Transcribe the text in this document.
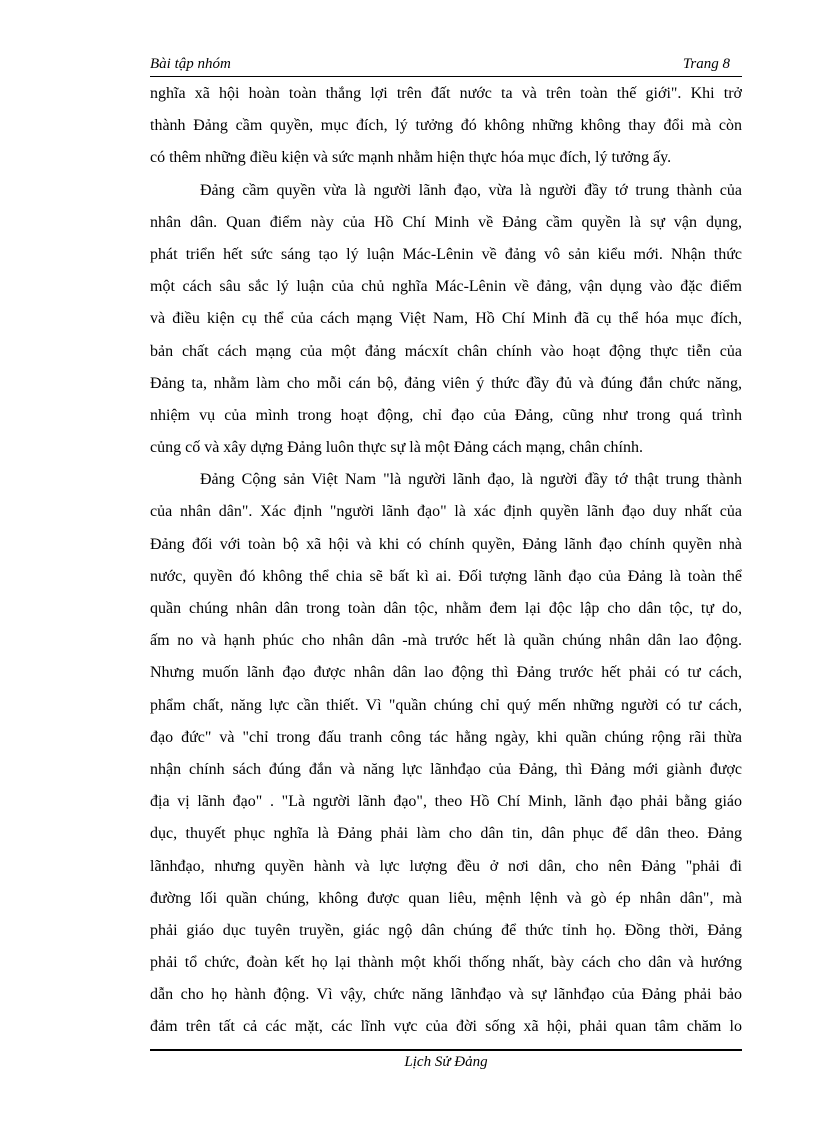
Bài tập nhóm	Trang 8
nghĩa xã hội hoàn toàn thắng lợi trên đất nước ta và trên toàn thế giới". Khi trở
thành Đảng cầm quyền, mục đích, lý tưởng đó không những không thay đổi mà còn
có thêm những điều kiện và sức mạnh nhằm hiện thực hóa mục đích, lý tưởng ấy.
Đảng cầm quyền vừa là người lãnh đạo, vừa là người đầy tớ trung thành của
nhân dân. Quan điểm này của Hồ Chí Minh về Đảng cầm quyền là sự vận dụng,
phát triển hết sức sáng tạo lý luận Mác-Lênin về đảng vô sản kiểu mới. Nhận thức
một cách sâu sắc lý luận của chủ nghĩa Mác-Lênin về đảng, vận dụng vào đặc điểm
và điều kiện cụ thể của cách mạng Việt Nam, Hồ Chí Minh đã cụ thể hóa mục đích,
bản chất cách mạng của một đảng mácxít chân chính vào hoạt động thực tiễn của
Đảng ta, nhằm làm cho mỗi cán bộ, đảng viên ý thức đầy đủ và đúng đắn chức năng,
nhiệm vụ của mình trong hoạt động, chỉ đạo của Đảng, cũng như trong quá trình
củng cố và xây dựng Đảng luôn thực sự là một Đảng cách mạng, chân chính.
Đảng Cộng sản Việt Nam "là người lãnh đạo, là người đầy tớ thật trung thành
của nhân dân". Xác định "người lãnh đạo" là xác định quyền lãnh đạo duy nhất của
Đảng đối với toàn bộ xã hội và khi có chính quyền, Đảng lãnh đạo chính quyền nhà
nước, quyền đó không thể chia sẽ bất kì ai. Đối tượng lãnh đạo của Đảng là toàn thể
quần chúng nhân dân trong toàn dân tộc, nhằm đem lại độc lập cho dân tộc, tự do,
ấm no và hạnh phúc cho nhân dân -mà trước hết là quần chúng nhân dân lao động.
Nhưng muốn lãnh đạo được nhân dân lao động thì Đảng trước hết phải có tư cách,
phẩm chất, năng lực cần thiết. Vì "quần chúng chỉ quý mến những người có tư cách,
đạo đức" và "chỉ trong đấu tranh công tác hằng ngày, khi quần chúng rộng rãi thừa
nhận chính sách đúng đắn và năng lực lãnhđạo của Đảng, thì Đảng mới giành được
địa vị lãnh đạo" . "Là người lãnh đạo", theo Hồ Chí Minh, lãnh đạo phải bằng giáo
dục, thuyết phục nghĩa là Đảng phải làm cho dân tin, dân phục để dân theo. Đảng
lãnhđạo, nhưng quyền hành và lực lượng đều ở nơi dân, cho nên Đảng "phải đi
đường lối quần chúng, không được quan liêu, mệnh lệnh và gò ép nhân dân", mà
phải giáo dục tuyên truyền, giác ngộ dân chúng để thức tỉnh họ. Đồng thời, Đảng
phải tổ chức, đoàn kết họ lại thành một khối thống nhất, bày cách cho dân và hướng
dẫn cho họ hành động. Vì vậy, chức năng lãnhđạo và sự lãnhđạo của Đảng phải bảo
đảm trên tất cả các mặt, các lĩnh vực của đời sống xã hội, phải quan tâm chăm lo
Lịch Sử Đảng
